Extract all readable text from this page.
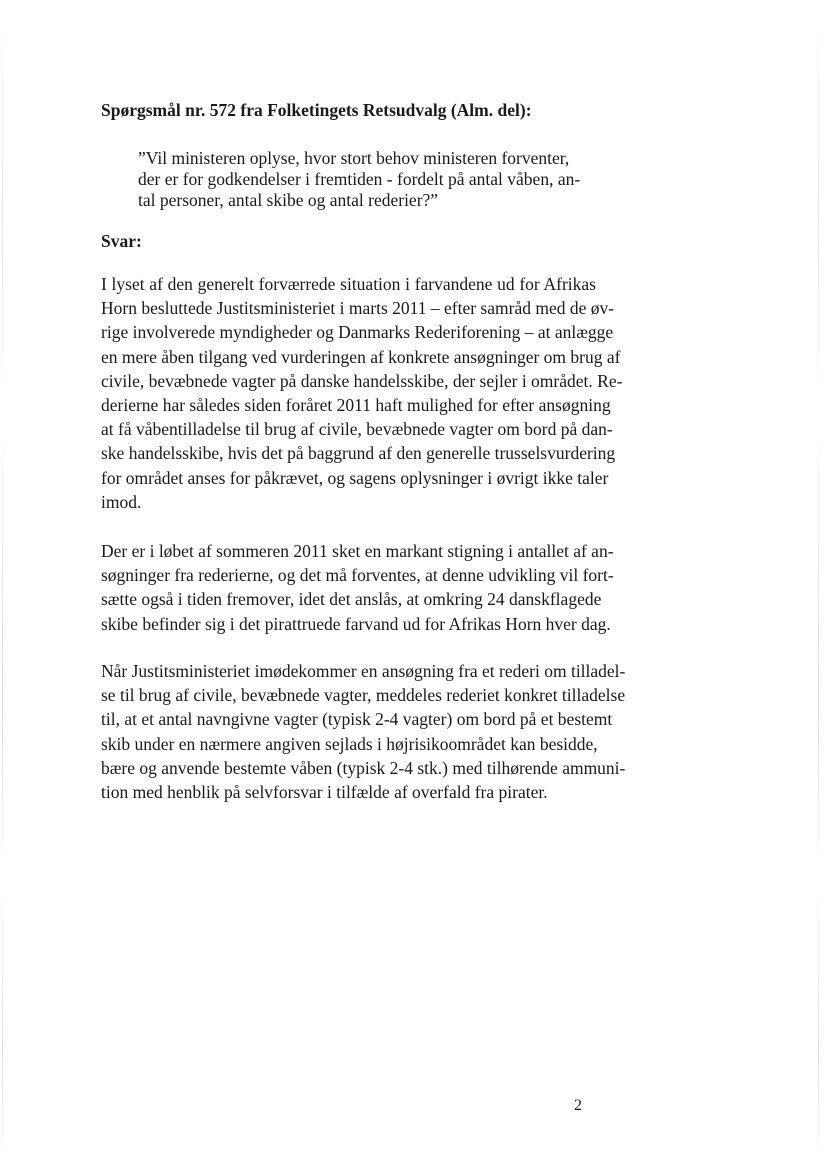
Spørgsmål nr. 572 fra Folketingets Retsudvalg (Alm. del):
”Vil ministeren oplyse, hvor stort behov ministeren forventer,
der er for godkendelser i fremtiden - fordelt på antal våben, an-
tal personer, antal skibe og antal rederier?”
Svar:
I lyset af den generelt forværrede situation i farvandene ud for Afrikas
Horn besluttede Justitsministeriet i marts 2011 – efter samråd med de øv-
rige involverede myndigheder og Danmarks Rederiforening – at anlægge
en mere åben tilgang ved vurderingen af konkrete ansøgninger om brug af
civile, bevæbnede vagter på danske handelsskibe, der sejler i området. Re-
derierne har således siden foråret 2011 haft mulighed for efter ansøgning
at få våbentilladelse til brug af civile, bevæbnede vagter om bord på dan-
ske handelsskibe, hvis det på baggrund af den generelle trusselsvurdering
for området anses for påkrævet, og sagens oplysninger i øvrigt ikke taler
imod.
Der er i løbet af sommeren 2011 sket en markant stigning i antallet af an-
søgninger fra rederierne, og det må forventes, at denne udvikling vil fort-
sætte også i tiden fremover, idet det anslås, at omkring 24 danskflagede
skibe befinder sig i det pirattruede farvand ud for Afrikas Horn hver dag.
Når Justitsministeriet imødekommer en ansøgning fra et rederi om tilladel-
se til brug af civile, bevæbnede vagter, meddeles rederiet konkret tilladelse
til, at et antal navngivne vagter (typisk 2-4 vagter) om bord på et bestemt
skib under en nærmere angiven sejlads i højrisikoområdet kan besidde,
bære og anvende bestemte våben (typisk 2-4 stk.) med tilhørende ammuni-
tion med henblik på selvforsvar i tilfælde af overfald fra pirater.
2
